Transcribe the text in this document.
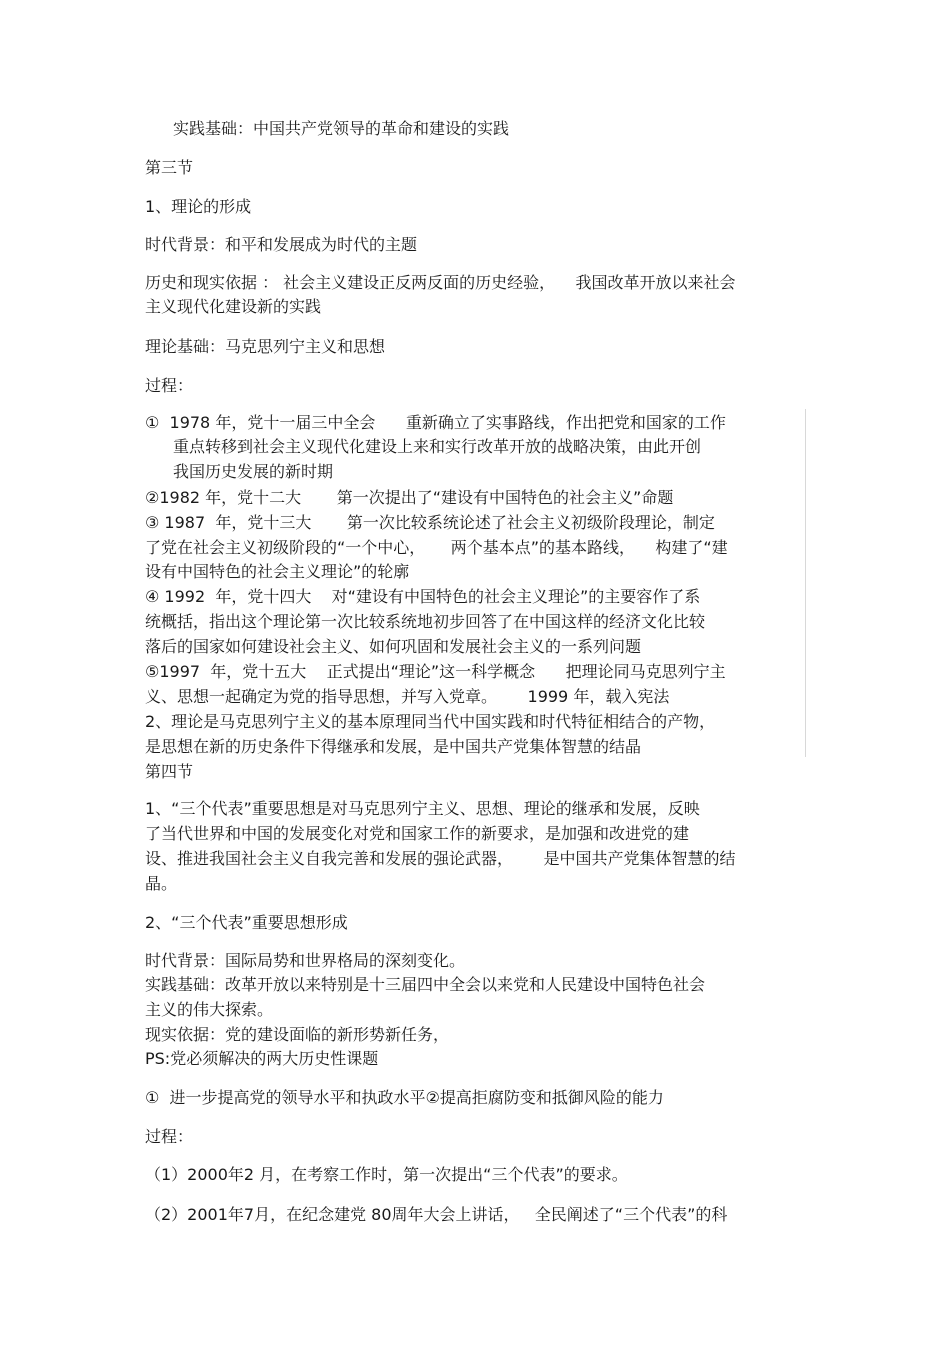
实践基础：中国共产党领导的革命和建设的实践
第三节
1、理论的形成
时代背景：和平和发展成为时代的主题
历史和现实依据 ： 社会主义建设正反两反面的历史经验，    我国改革开放以来社会
主义现代化建设新的实践
理论基础：马克思列宁主义和思想
过程：
①  1978 年，党十一届三中全会      重新确立了实事路线，作出把党和国家的工作
重点转移到社会主义现代化建设上来和实行改革开放的战略决策，由此开创
我国历史发展的新时期
②1982 年，党十二大       第一次提出了“建设有中国特色的社会主义”命题
③ 1987  年，党十三大       第一次比较系统论述了社会主义初级阶段理论，制定
了党在社会主义初级阶段的“一个中心，     两个基本点”的基本路线，    构建了“建
设有中国特色的社会主义理论”的轮廓
④ 1992  年，党十四大    对“建设有中国特色的社会主义理论”的主要容作了系
统概括，指出这个理论第一次比较系统地初步回答了在中国这样的经济文化比较
落后的国家如何建设社会主义、如何巩固和发展社会主义的一系列问题
⑤1997  年，党十五大    正式提出“理论”这一科学概念      把理论同马克思列宁主
义、思想一起确定为党的指导思想，并写入党章。      1999 年，载入宪法
2、理论是马克思列宁主义的基本原理同当代中国实践和时代特征相结合的产物，
是思想在新的历史条件下得继承和发展，是中国共产党集体智慧的结晶
第四节
1、“三个代表”重要思想是对马克思列宁主义、思想、理论的继承和发展，反映
了当代世界和中国的发展变化对党和国家工作的新要求，是加强和改进党的建
设、推进我国社会主义自我完善和发展的强论武器，      是中国共产党集体智慧的结
晶。
2、“三个代表”重要思想形成
时代背景：国际局势和世界格局的深刻变化。
实践基础：改革开放以来特别是十三届四中全会以来党和人民建设中国特色社会
主义的伟大探索。
现实依据：党的建设面临的新形势新任务，
PS:党必须解决的两大历史性课题
①  进一步提高党的领导水平和执政水平②提高拒腐防变和抵御风险的能力
过程：
（1）2000年2 月，在考察工作时，第一次提出“三个代表”的要求。
（2）2001年7月，在纪念建党 80周年大会上讲话，   全民阐述了“三个代表”的科
